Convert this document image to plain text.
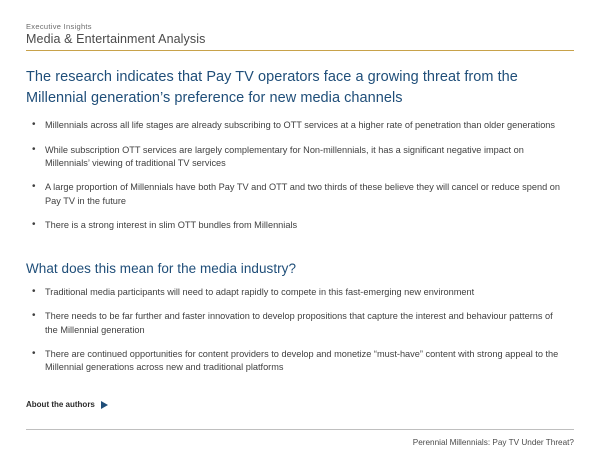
Executive Insights
Media & Entertainment Analysis
The research indicates that Pay TV operators face a growing threat from the Millennial generation’s preference for new media channels
• Millennials across all life stages are already subscribing to OTT services at a higher rate of penetration than older generations
• While subscription OTT services are largely complementary for Non-millennials, it has a significant negative impact on Millennials’ viewing of traditional TV services
• A large proportion of Millennials have both Pay TV and OTT and two thirds of these believe they will cancel or reduce spend on Pay TV in the future
• There is a strong interest in slim OTT bundles from Millennials
What does this mean for the media industry?
• Traditional media participants will need to adapt rapidly to compete in this fast-emerging new environment
• There needs to be far further and faster innovation to develop propositions that capture the interest and behaviour patterns of the Millennial generation
• There are continued opportunities for content providers to develop and monetize “must-have” content with strong appeal to the Millennial generations across new and traditional platforms
About the authors
Perennial Millennials: Pay TV Under Threat?
